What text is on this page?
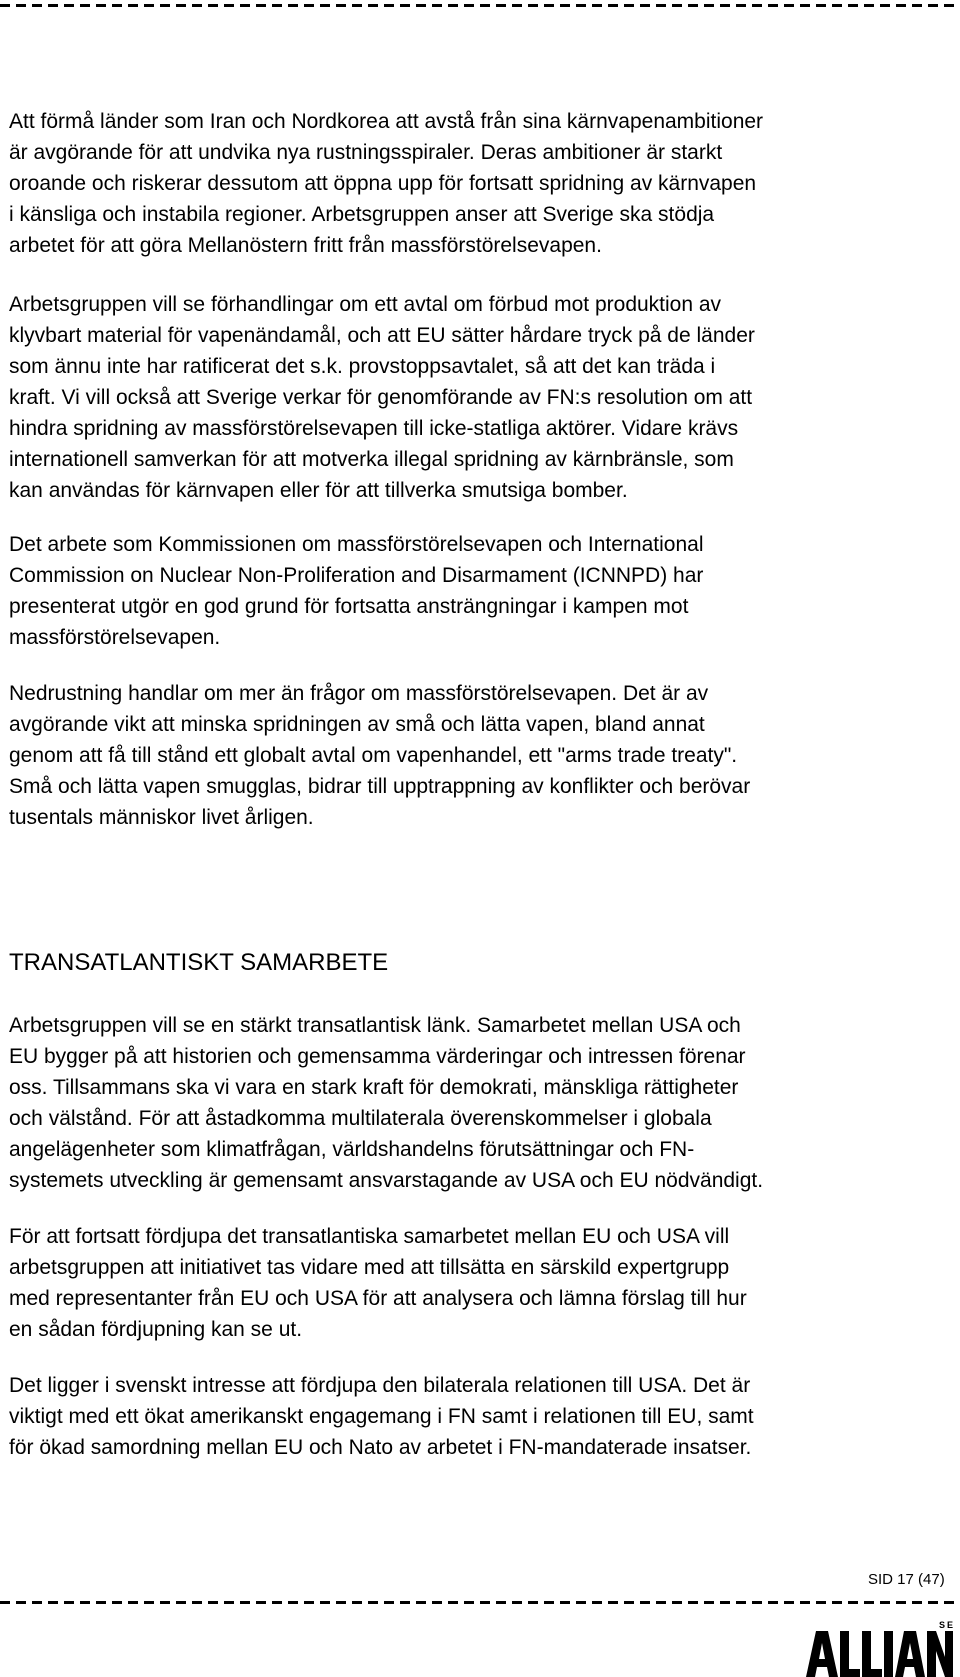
Att förmå länder som Iran och Nordkorea att avstå från sina kärnvapenambitioner
är avgörande för att undvika nya rustningsspiraler. Deras ambitioner är starkt
oroande och riskerar dessutom att öppna upp för fortsatt spridning av kärnvapen
i känsliga och instabila regioner. Arbetsgruppen anser att Sverige ska stödja
arbetet för att göra Mellanöstern fritt från massförstörelsevapen.

Arbetsgruppen vill se förhandlingar om ett avtal om förbud mot produktion av
klyvbart material för vapenändamål, och att EU sätter hårdare tryck på de länder
som ännu inte har ratificerat det s.k. provstoppsavtalet, så att det kan träda i
kraft. Vi vill också att Sverige verkar för genomförande av FN:s resolution om att
hindra spridning av massförstörelsevapen till icke-statliga aktörer. Vidare krävs
internationell samverkan för att motverka illegal spridning av kärnbränsle, som
kan användas för kärnvapen eller för att tillverka smutsiga bomber.

Det arbete som Kommissionen om massförstörelsevapen och International
Commission on Nuclear Non-Proliferation and Disarmament (ICNNPD) har
presenterat utgör en god grund för fortsatta ansträngningar i kampen mot
massförstörelsevapen.

Nedrustning handlar om mer än frågor om massförstörelsevapen. Det är av
avgörande vikt att minska spridningen av små och lätta vapen, bland annat
genom att få till stånd ett globalt avtal om vapenhandel, ett "arms trade treaty".
Små och lätta vapen smugglas, bidrar till upptrappning av konflikter och berövar
tusentals människor livet årligen.

TRANSATLANTISKT SAMARBETE

Arbetsgruppen vill se en stärkt transatlantisk länk. Samarbetet mellan USA och
EU bygger på att historien och gemensamma värderingar och intressen förenar
oss. Tillsammans ska vi vara en stark kraft för demokrati, mänskliga rättigheter
och välstånd. För att åstadkomma multilaterala överenskommelser i globala
angelägenheter som klimatfrågan, världshandelns förutsättningar och FN-
systemets utveckling är gemensamt ansvarstagande av USA och EU nödvändigt.

För att fortsatt fördjupa det transatlantiska samarbetet mellan EU och USA vill
arbetsgruppen att initiativet tas vidare med att tillsätta en särskild expertgrupp
med representanter från EU och USA för att analysera och lämna förslag till hur
en sådan fördjupning kan se ut.

Det ligger i svenskt intresse att fördjupa den bilaterala relationen till USA. Det är
viktigt med ett ökat amerikanskt engagemang i FN samt i relationen till EU, samt
för ökad samordning mellan EU och Nato av arbetet i FN-mandaterade insatser.

SID 17 (47)
S E
